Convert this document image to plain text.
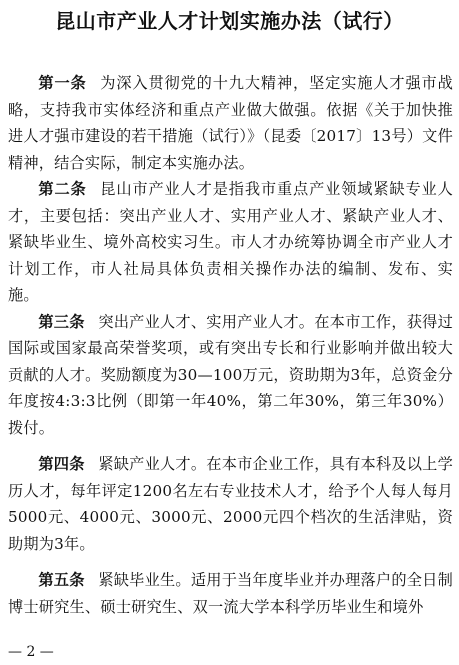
昆山市产业人才计划实施办法（试行）

第一条 为深入贯彻党的十九大精神，坚定实施人才强市战略，支持我市实体经济和重点产业做大做强。依据《关于加快推进人才强市建设的若干措施（试行）》（昆委〔2017〕13号）文件精神，结合实际，制定本实施办法。

第二条 昆山市产业人才是指我市重点产业领域紧缺专业人才，主要包括：突出产业人才、实用产业人才、紧缺产业人才、紧缺毕业生、境外高校实习生。市人才办统筹协调全市产业人才计划工作，市人社局具体负责相关操作办法的编制、发布、实施。

第三条 突出产业人才、实用产业人才。在本市工作，获得过国际或国家最高荣誉奖项，或有突出专长和行业影响并做出较大贡献的人才。奖励额度为30—100万元，资助期为3年，总资金分年度按4:3:3比例（即第一年40%，第二年30%，第三年30%）拨付。

第四条 紧缺产业人才。在本市企业工作，具有本科及以上学历人才，每年评定1200名左右专业技术人才，给予个人每人每月5000元、4000元、3000元、2000元四个档次的生活津贴，资助期为3年。

第五条 紧缺毕业生。适用于当年度毕业并办理落户的全日制博士研究生、硕士研究生、双一流大学本科学历毕业生和境外

— 2 —
